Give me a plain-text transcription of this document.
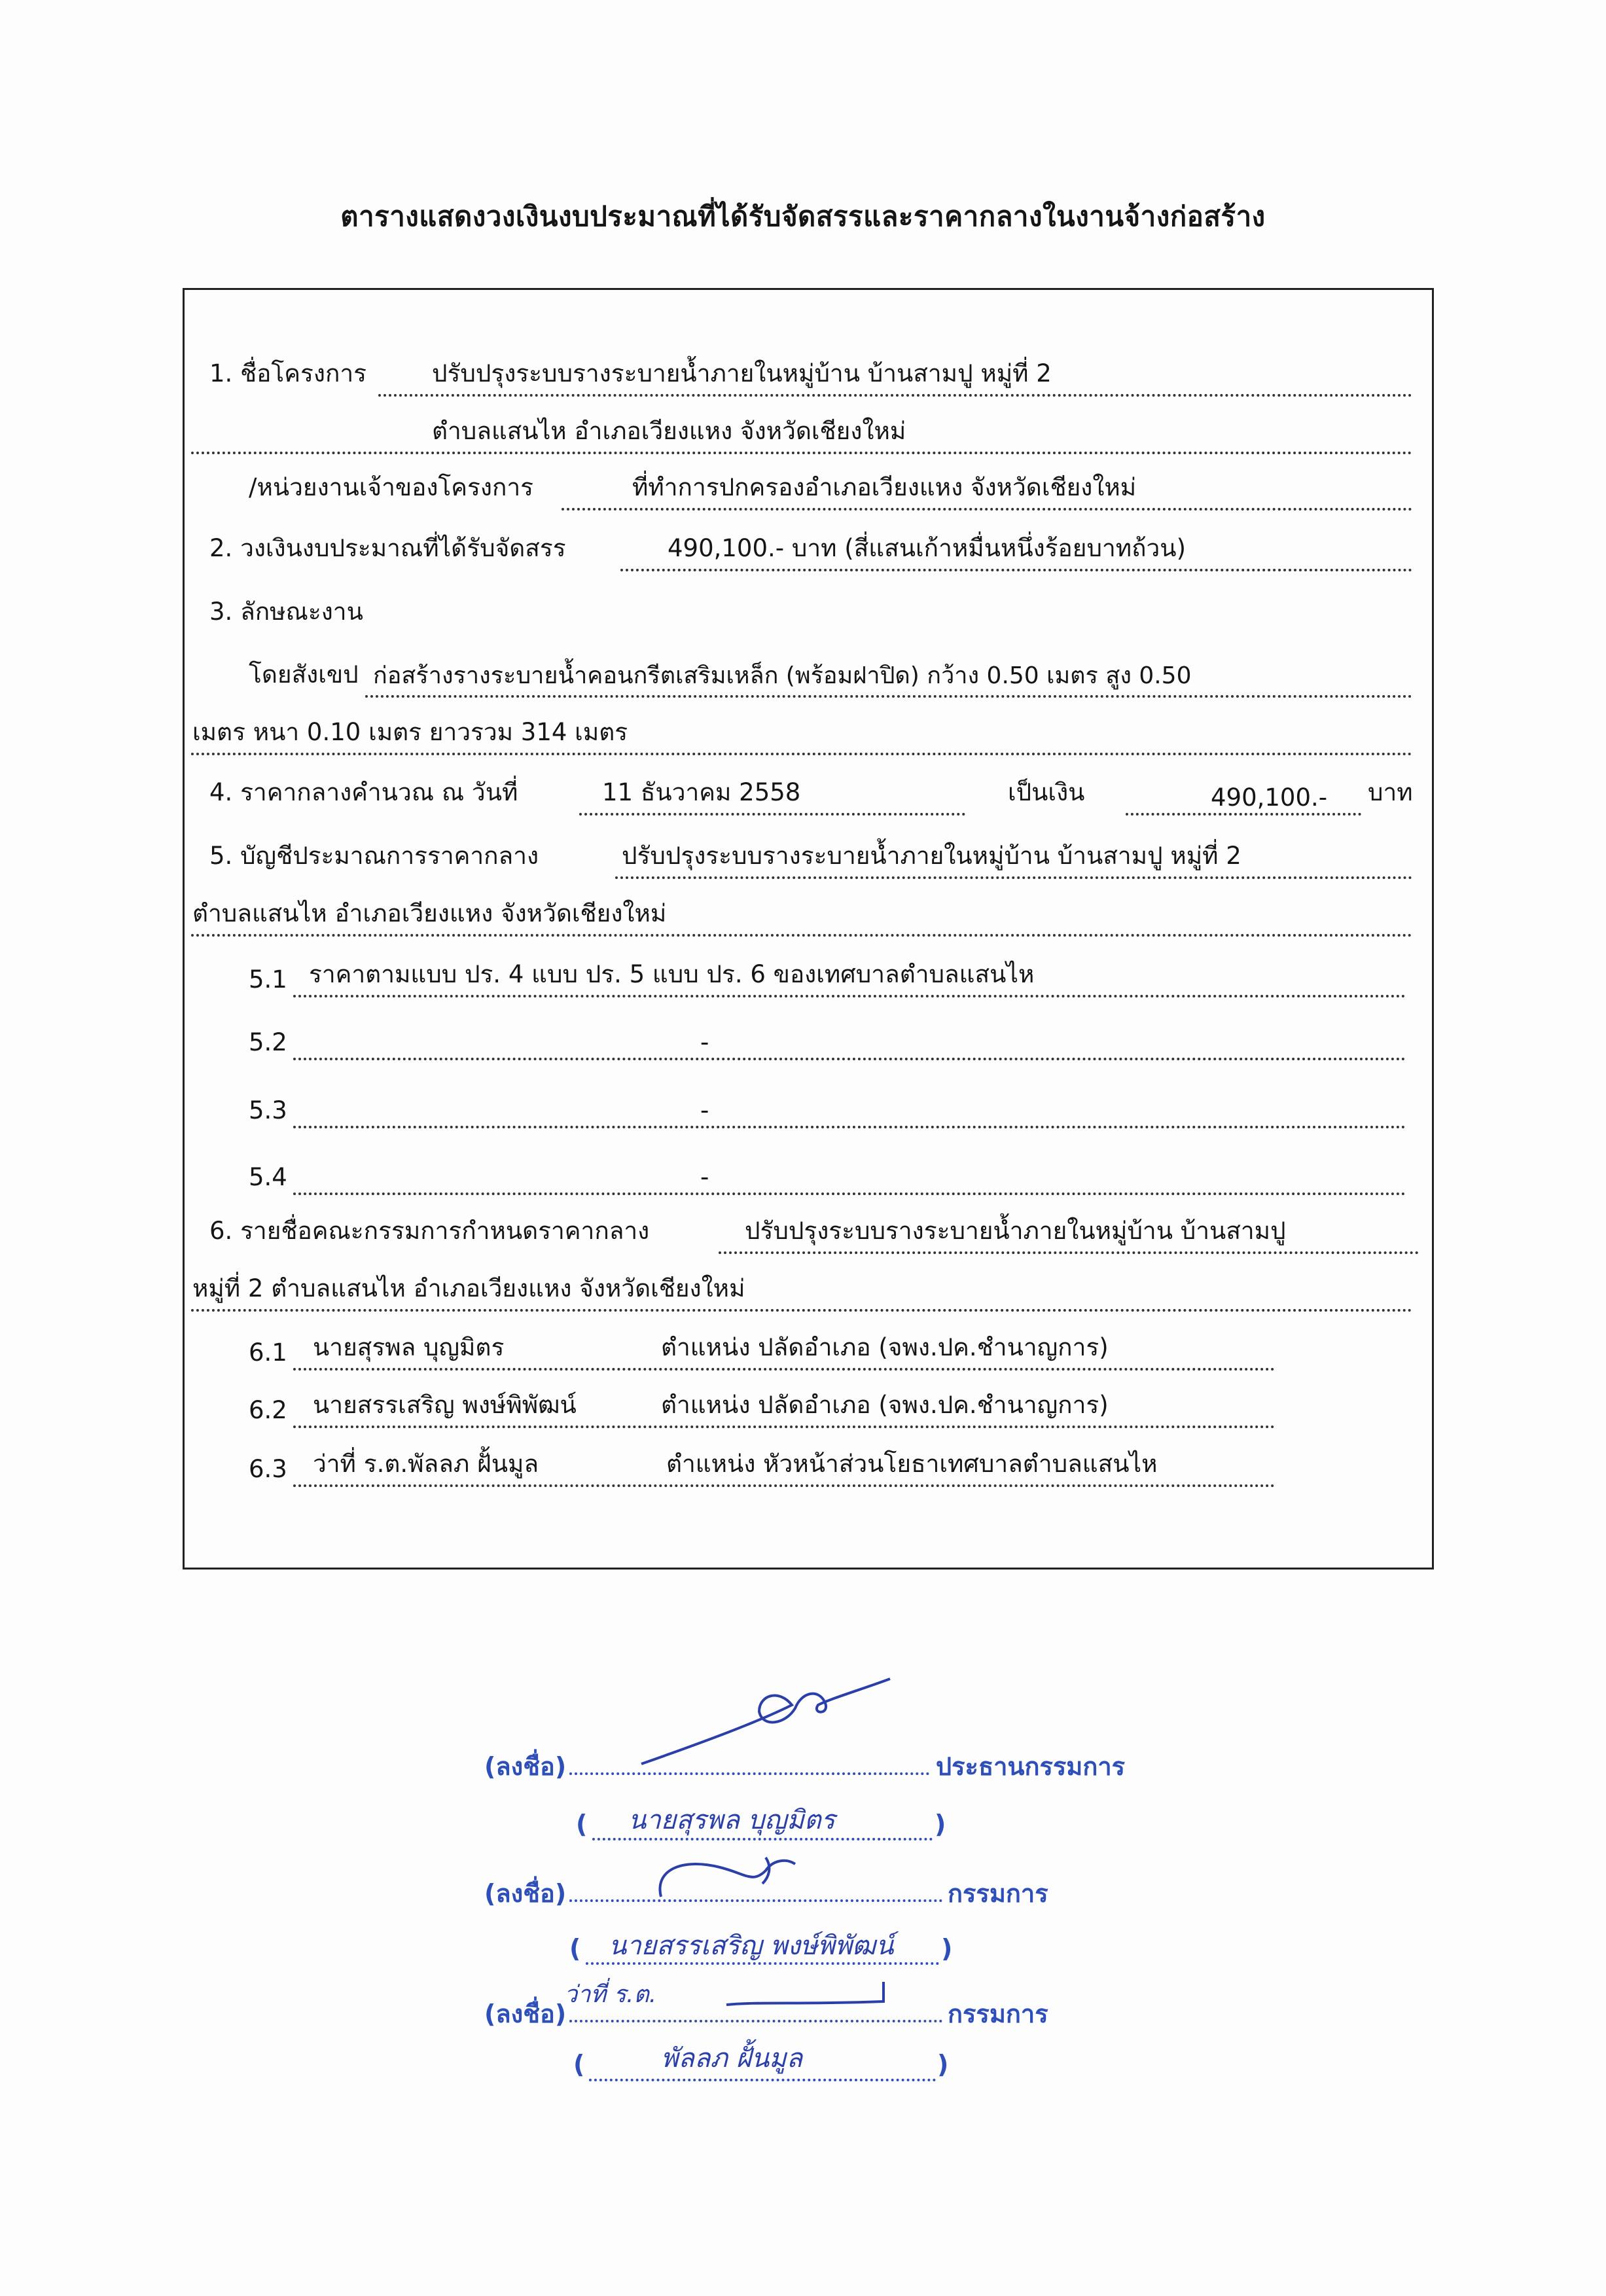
ตารางแสดงวงเงินงบประมาณที่ได้รับจัดสรรและราคากลางในงานจ้างก่อสร้าง
1. ชื่อโครงการ	ปรับปรุงระบบรางระบายน้ำภายในหมู่บ้าน บ้านสามปู หมู่ที่ 2
ตำบลแสนไห อำเภอเวียงแหง จังหวัดเชียงใหม่
/หน่วยงานเจ้าของโครงการ	ที่ทำการปกครองอำเภอเวียงแหง จังหวัดเชียงใหม่
2. วงเงินงบประมาณที่ได้รับจัดสรร	490,100.- บาท (สี่แสนเก้าหมื่นหนึ่งร้อยบาทถ้วน)
3. ลักษณะงาน
โดยสังเขป ก่อสร้างรางระบายน้ำคอนกรีตเสริมเหล็ก (พร้อมฝาปิด) กว้าง 0.50 เมตร สูง 0.50
เมตร หนา 0.10 เมตร ยาวรวม 314 เมตร
4. ราคากลางคำนวณ ณ วันที่	11 ธันวาคม 2558	เป็นเงิน	490,100.- บาท
5. บัญชีประมาณการราคากลาง	ปรับปรุงระบบรางระบายน้ำภายในหมู่บ้าน บ้านสามปู หมู่ที่ 2
ตำบลแสนไห อำเภอเวียงแหง จังหวัดเชียงใหม่
5.1 ราคาตามแบบ ปร. 4 แบบ ปร. 5 แบบ ปร. 6 ของเทศบาลตำบลแสนไห
5.2	-
5.3	-
5.4	-
6. รายชื่อคณะกรรมการกำหนดราคากลาง	ปรับปรุงระบบรางระบายน้ำภายในหมู่บ้าน บ้านสามปู
หมู่ที่ 2 ตำบลแสนไห อำเภอเวียงแหง จังหวัดเชียงใหม่
6.1 นายสุรพล บุญมิตร	ตำแหน่ง ปลัดอำเภอ (จพง.ปค.ชำนาญการ)
6.2 นายสรรเสริญ พงษ์พิพัฒน์	ตำแหน่ง ปลัดอำเภอ (จพง.ปค.ชำนาญการ)
6.3 ว่าที่ ร.ต.พัลลภ ฝั้นมูล	ตำแหน่ง หัวหน้าส่วนโยธาเทศบาลตำบลแสนไห
(ลงชื่อ)	ประธานกรรมการ
(	)
นายสุรพล บุญมิตร
(ลงชื่อ)	กรรมการ
(	)
นายสรรเสริญ พงษ์พิพัฒน์
(ลงชื่อ)
ว่าที่ ร.ต.
กรรมการ
(	)
พัลลภ ฝั้นมูล
